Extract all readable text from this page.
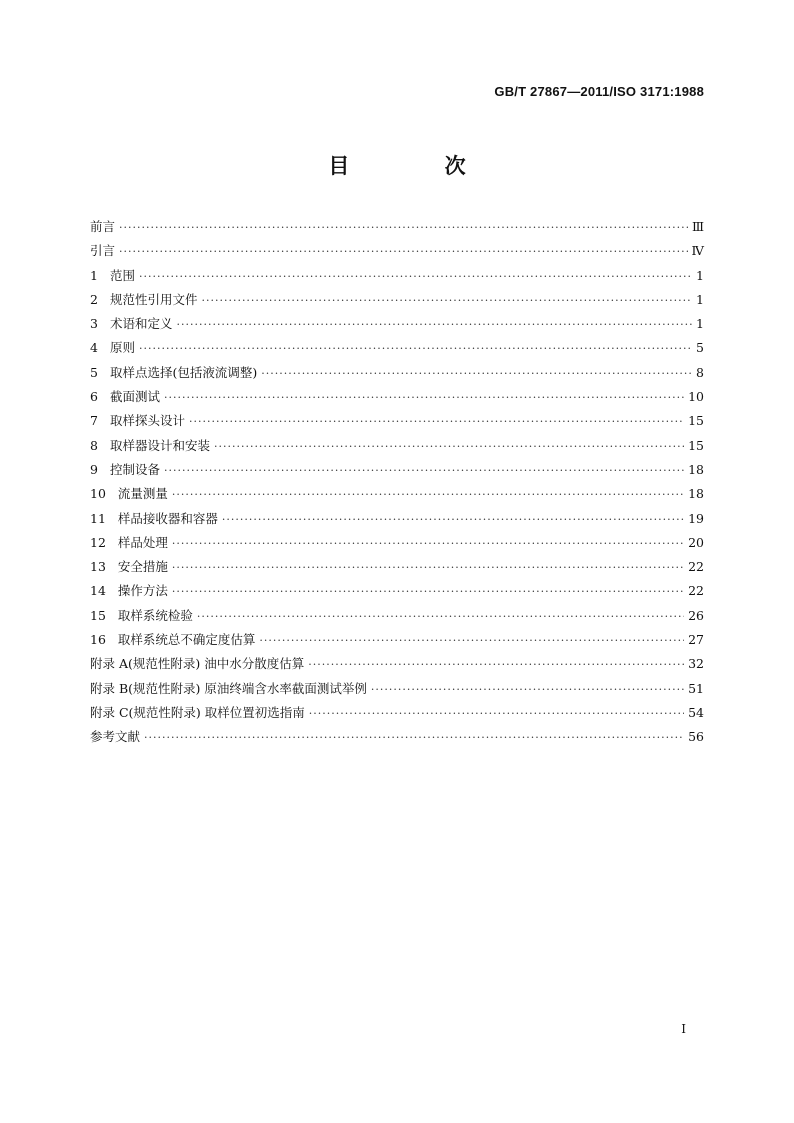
GB/T 27867—2011/ISO 3171:1988
目 次
前言 ·····	Ⅲ
引言 ·····	Ⅳ
1 范围 ·····	1
2 规范性引用文件 ·····	1
3 术语和定义 ·····	1
4 原则 ·····	5
5 取样点选择(包括液流调整) ·····	8
6 截面测试 ·····	10
7 取样探头设计 ·····	15
8 取样器设计和安装 ·····	15
9 控制设备 ·····	18
10 流量测量 ·····	18
11 样品接收器和容器 ·····	19
12 样品处理 ·····	20
13 安全措施 ·····	22
14 操作方法 ·····	22
15 取样系统检验 ·····	26
16 取样系统总不确定度估算 ·····	27
附录 A(规范性附录) 油中水分散度估算 ·····	32
附录 B(规范性附录) 原油终端含水率截面测试举例 ·····	51
附录 C(规范性附录) 取样位置初选指南 ·····	54
参考文献 ·····	56
Ⅰ
